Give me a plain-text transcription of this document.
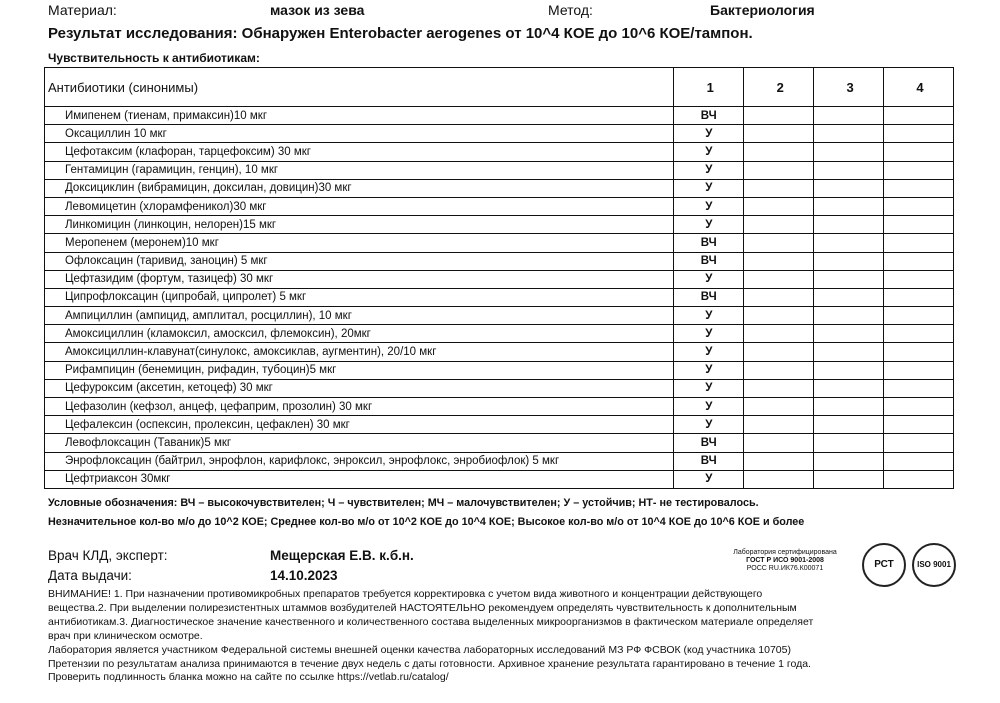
Материал:	мазок из зева	Метод:	Бактериология
Результат исследования: Обнаружен Enterobacter aerogenes от 10^4 КОЕ до 10^6 КОЕ/тампон.
Чувствительность к антибиотикам:
Антибиотики (синонимы)	1	2	3	4
Имипенем (тиенам, примаксин)10 мкг	ВЧ			
Оксациллин 10 мкг	У			
Цефотаксим (клафоран, тарцефоксим) 30 мкг	У			
Гентамицин (гарамицин, генцин), 10 мкг	У			
Доксициклин (вибрамицин, доксилан, довицин)30 мкг	У			
Левомицетин (хлорамфеникол)30 мкг	У			
Линкомицин (линкоцин, нелорен)15 мкг	У			
Меропенем (меронем)10 мкг	ВЧ			
Офлоксацин (таривид, заноцин) 5 мкг	ВЧ			
Цефтазидим (фортум, тазицеф) 30 мкг	У			
Ципрофлоксацин (ципробай, ципролет) 5 мкг	ВЧ			
Ампициллин (ампицид, амплитал, росциллин), 10 мкг	У			
Амоксициллин (кламоксил, амосксил, флемоксин), 20мкг	У			
Амоксициллин-клавунат(синулокс, амоксиклав, аугментин), 20/10 мкг	У			
Рифампицин (бенемицин, рифадин, тубоцин)5 мкг	У			
Цефуроксим (аксетин, кетоцеф) 30 мкг	У			
Цефазолин (кефзол, анцеф, цефаприм, прозолин) 30 мкг	У			
Цефалексин (оспексин, пролексин, цефаклен) 30 мкг	У			
Левофлоксацин (Таваник)5 мкг	ВЧ			
Энрофлоксацин (байтрил, энрофлон, карифлокс, энроксил, энрофлокс, энробиофлок) 5 мкг	ВЧ			
Цефтриаксон 30мкг	У			
Условные обозначения: ВЧ – высокочувствителен; Ч – чувствителен; МЧ – малочувствителен; У – устойчив; НТ- не тестировалось.
Незначительное кол-во м/о до 10^2 КОЕ; Среднее кол-во м/о от 10^2 КОЕ до 10^4 КОЕ; Высокое кол-во м/о от 10^4 КОЕ до 10^6 КОЕ и более
Врач КЛД, эксперт:	Мещерская Е.В. к.б.н.
Дата выдачи:	14.10.2023
Лаборатория сертифицирована
ГОСТ Р ИСО 9001-2008
РОСС RU.ИК76.К00071	РСТ	ISO 9001
ВНИМАНИЕ! 1. При назначении противомикробных препаратов требуется корректировка с учетом вида животного и концентрации действующего
вещества.2. При выделении полирезистентных штаммов возбудителей НАСТОЯТЕЛЬНО рекомендуем определять чувствительность к дополнительным
антибиотикам.3. Диагностическое значение качественного и количественного состава выделенных микроорганизмов в фактическом материале определяет
врач при клиническом осмотре.
Лаборатория является участником Федеральной системы внешней оценки качества лабораторных исследований МЗ РФ ФСВОК (код участника 10705)
Претензии по результатам анализа принимаются в течение двух недель с даты готовности. Архивное хранение результата гарантировано в течение 1 года.
Проверить подлинность бланка можно на сайте по ссылке https://vetlab.ru/catalog/
